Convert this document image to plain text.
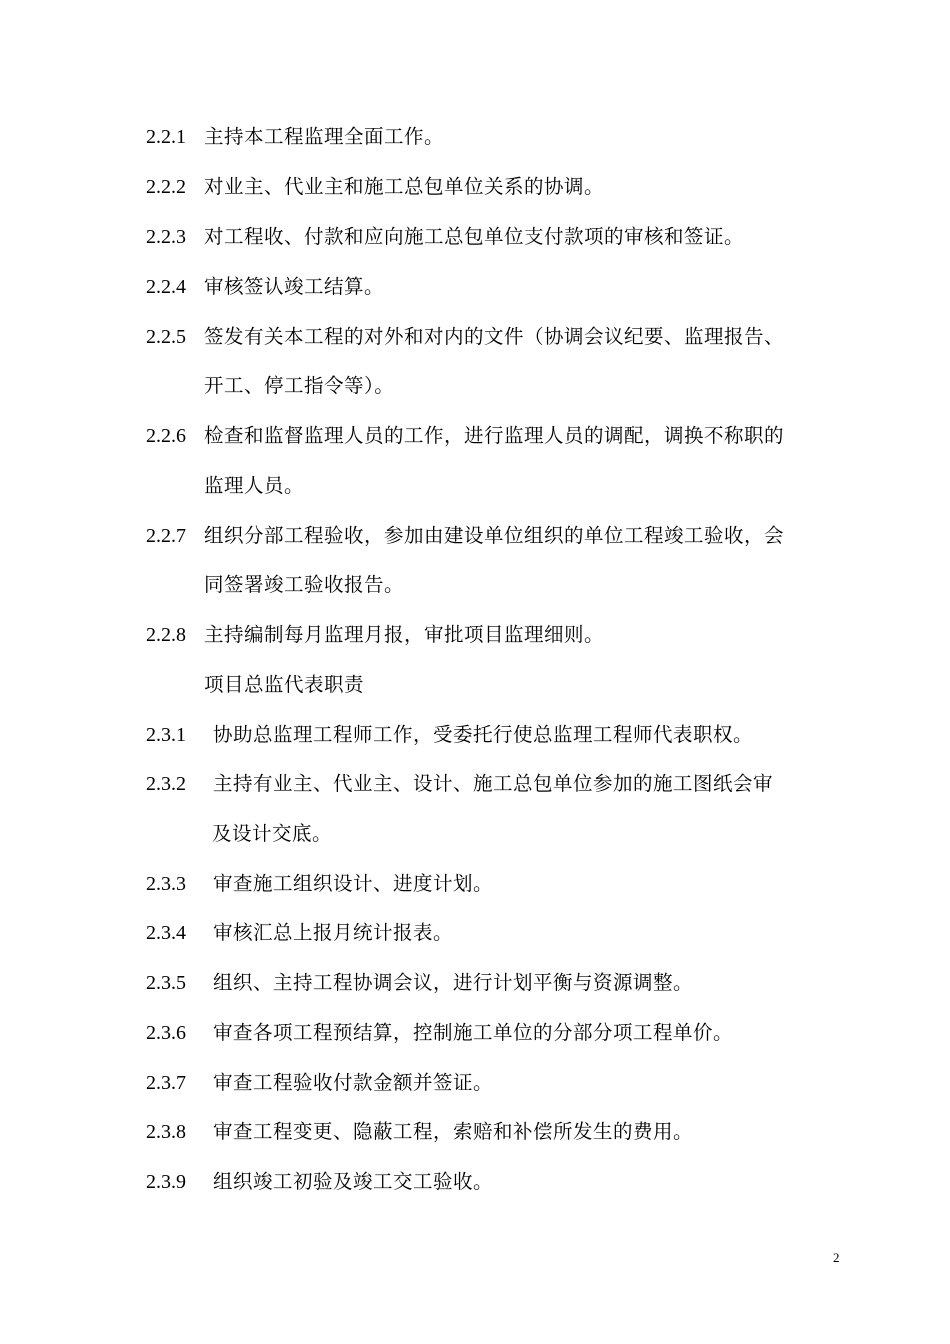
2.2.1 主持本工程监理全面工作。
2.2.2 对业主、代业主和施工总包单位关系的协调。
2.2.3 对工程收、付款和应向施工总包单位支付款项的审核和签证。
2.2.4 审核签认竣工结算。
2.2.5 签发有关本工程的对外和对内的文件（协调会议纪要、监理报告、
开工、停工指令等）。
2.2.6 检查和监督监理人员的工作，进行监理人员的调配，调换不称职的
监理人员。
2.2.7 组织分部工程验收，参加由建设单位组织的单位工程竣工验收，会
同签署竣工验收报告。
2.2.8 主持编制每月监理月报，审批项目监理细则。
项目总监代表职责
2.3.1 协助总监理工程师工作，受委托行使总监理工程师代表职权。
2.3.2 主持有业主、代业主、设计、施工总包单位参加的施工图纸会审
及设计交底。
2.3.3 审查施工组织设计、进度计划。
2.3.4 审核汇总上报月统计报表。
2.3.5 组织、主持工程协调会议，进行计划平衡与资源调整。
2.3.6 审查各项工程预结算，控制施工单位的分部分项工程单价。
2.3.7 审查工程验收付款金额并签证。
2.3.8 审查工程变更、隐蔽工程，索赔和补偿所发生的费用。
2.3.9 组织竣工初验及竣工交工验收。
2
